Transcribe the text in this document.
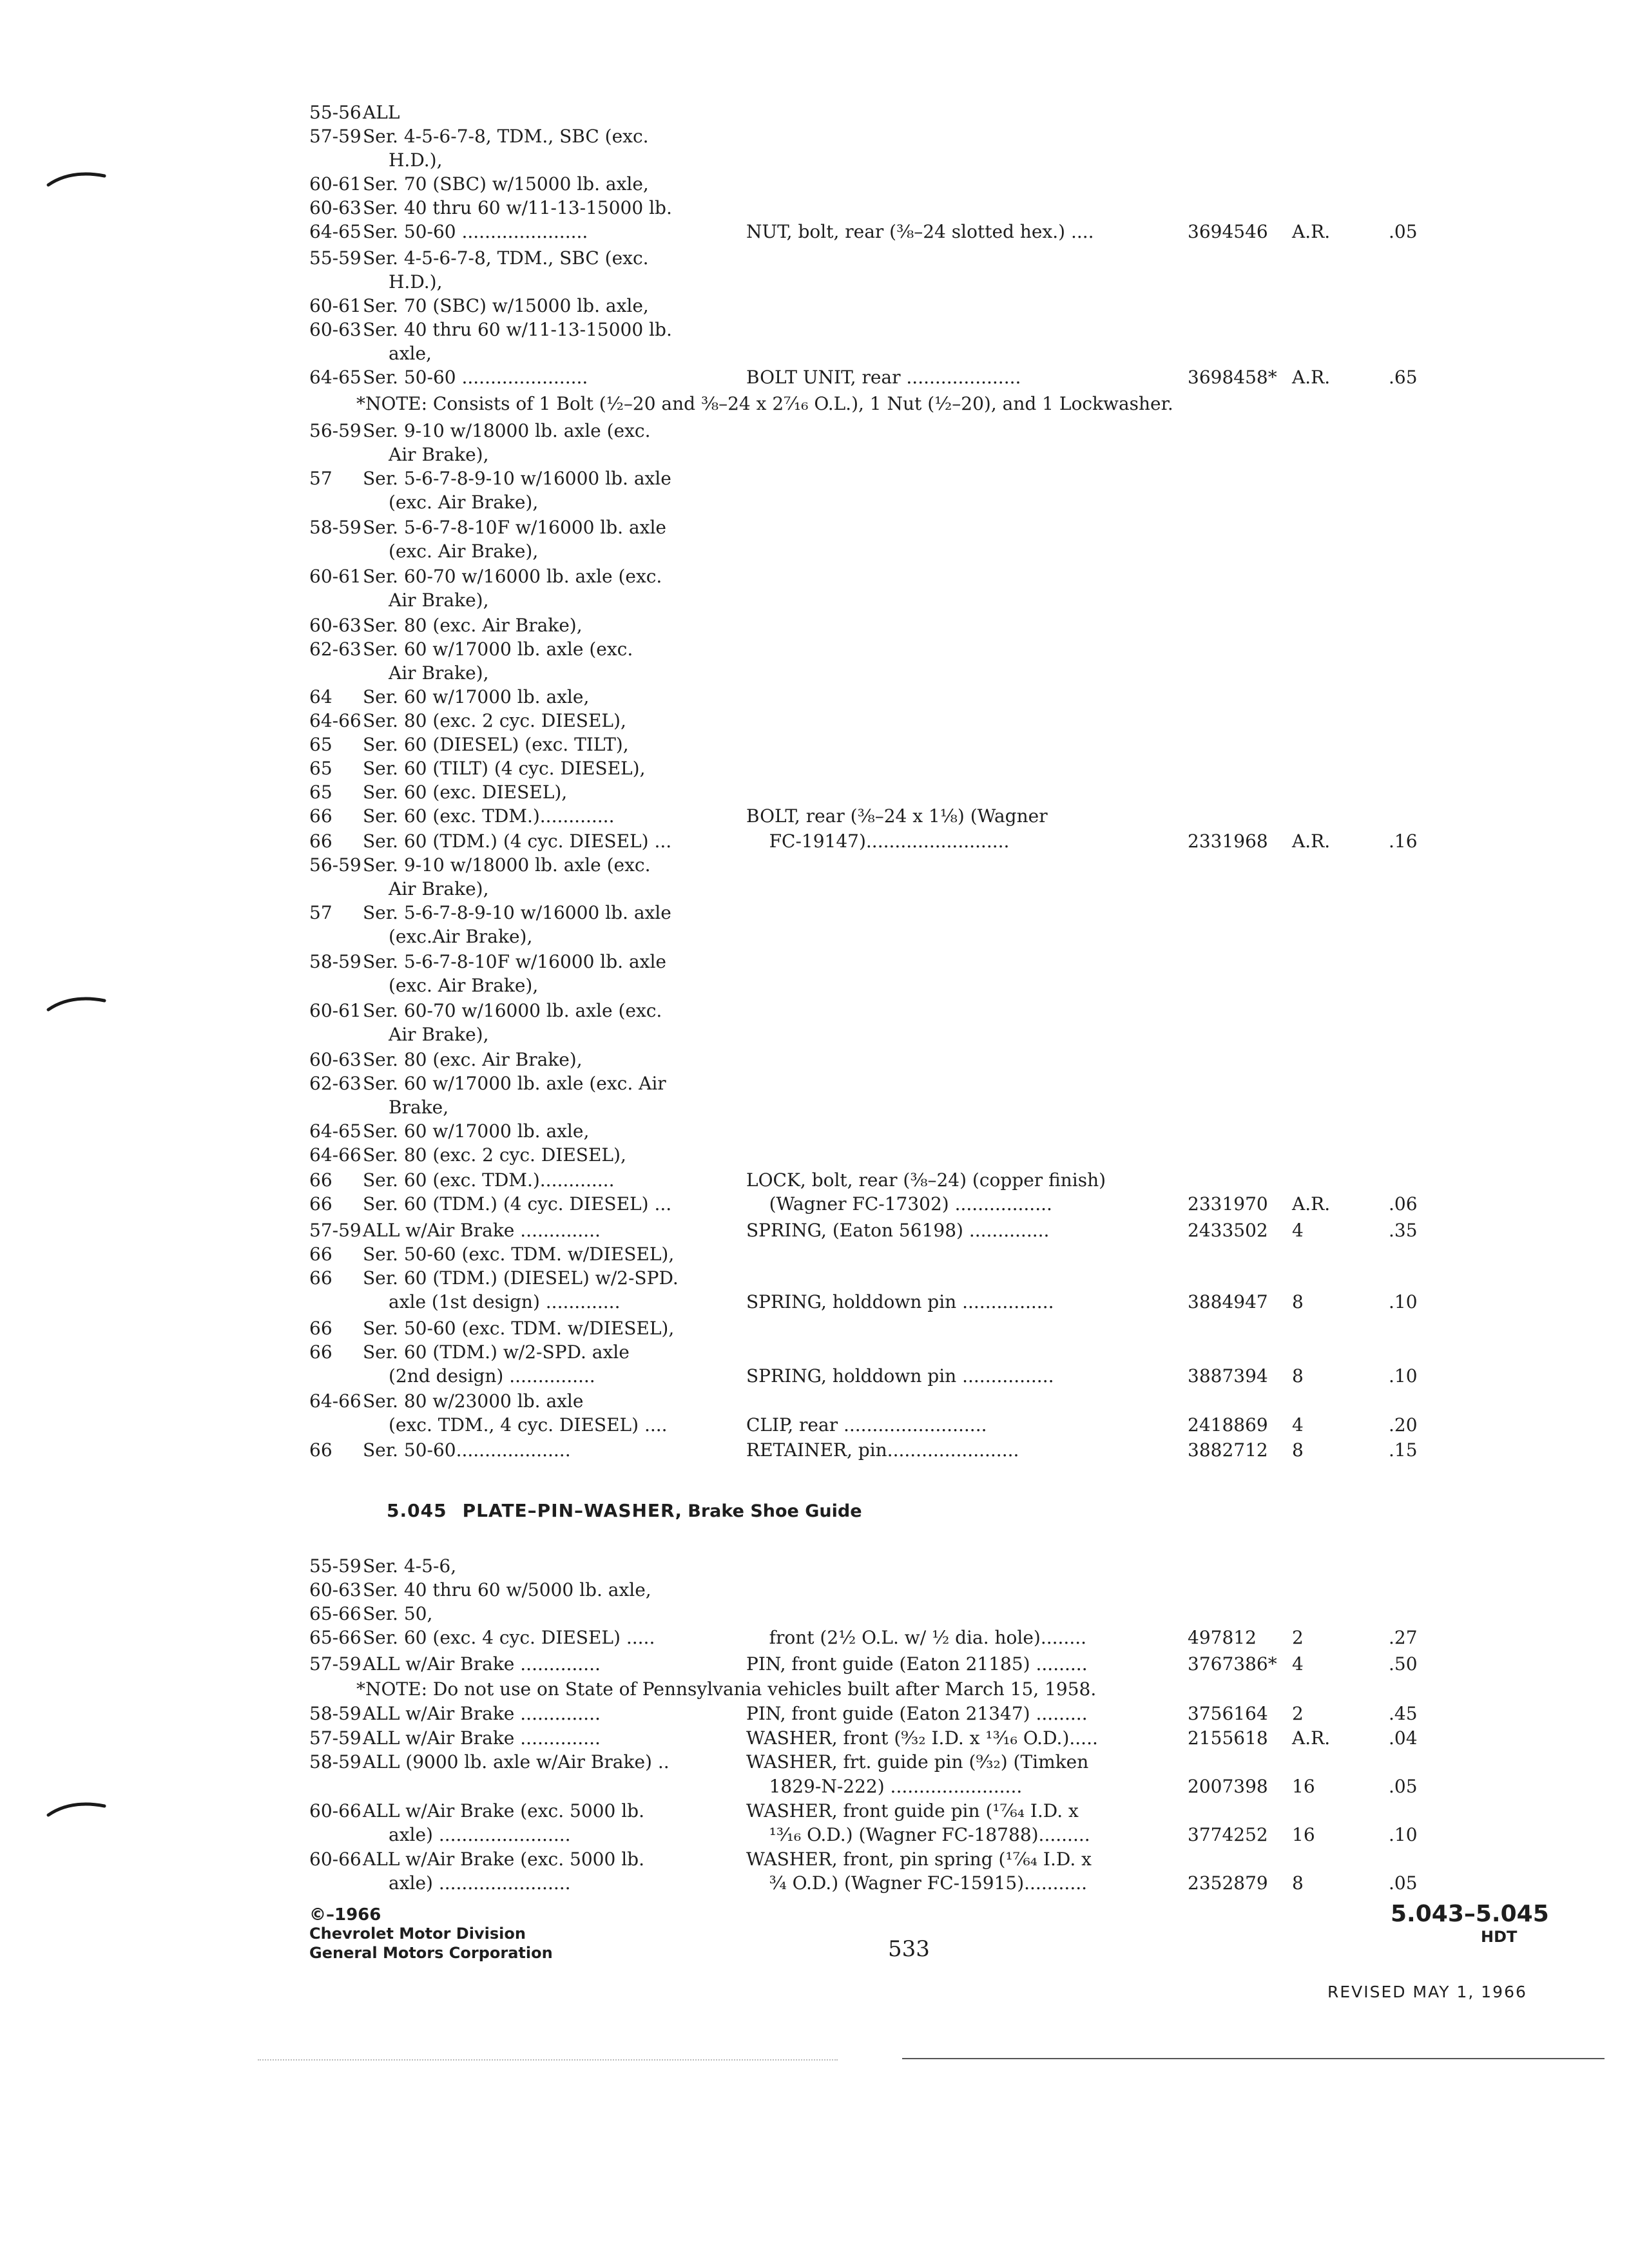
55-56 ALL
57-59 Ser. 4-5-6-7-8, TDM., SBC (exc.
H.D.),
60-61 Ser. 70 (SBC) w/15000 lb. axle,
60-63 Ser. 40 thru 60 w/11-13-15000 lb.
64-65 Ser. 50-60 ......................	NUT, bolt, rear (⅜–24 slotted hex.) ....	3694546 A.R.	.05
55-59 Ser. 4-5-6-7-8, TDM., SBC (exc.
H.D.),
60-61 Ser. 70 (SBC) w/15000 lb. axle,
60-63 Ser. 40 thru 60 w/11-13-15000 lb.
axle,
64-65 Ser. 50-60 ......................	BOLT UNIT, rear ....................	3698458* A.R.	.65
56-59 Ser. 9-10 w/18000 lb. axle (exc.
Air Brake),
57 Ser. 5-6-7-8-9-10 w/16000 lb. axle
(exc. Air Brake),
58-59 Ser. 5-6-7-8-10F w/16000 lb. axle
(exc. Air Brake),
60-61 Ser. 60-70 w/16000 lb. axle (exc.
Air Brake),
60-63 Ser. 80 (exc. Air Brake),
62-63 Ser. 60 w/17000 lb. axle (exc.
Air Brake),
64 Ser. 60 w/17000 lb. axle,
64-66 Ser. 80 (exc. 2 cyc. DIESEL),
65 Ser. 60 (DIESEL) (exc. TILT),
65 Ser. 60 (TILT) (4 cyc. DIESEL),
65 Ser. 60 (exc. DIESEL),
66 Ser. 60 (exc. TDM.).............	BOLT, rear (⅜–24 x 1⅛) (Wagner
66 Ser. 60 (TDM.) (4 cyc. DIESEL) ...	FC-19147).........................	2331968 A.R.	.16
56-59 Ser. 9-10 w/18000 lb. axle (exc.
Air Brake),
57 Ser. 5-6-7-8-9-10 w/16000 lb. axle
(exc.Air Brake),
58-59 Ser. 5-6-7-8-10F w/16000 lb. axle
(exc. Air Brake),
60-61 Ser. 60-70 w/16000 lb. axle (exc.
Air Brake),
60-63 Ser. 80 (exc. Air Brake),
62-63 Ser. 60 w/17000 lb. axle (exc. Air
Brake,
64-65 Ser. 60 w/17000 lb. axle,
64-66 Ser. 80 (exc. 2 cyc. DIESEL),
66 Ser. 60 (exc. TDM.).............	LOCK, bolt, rear (⅜–24) (copper finish)
66 Ser. 60 (TDM.) (4 cyc. DIESEL) ...	(Wagner FC-17302) .................	2331970 A.R.	.06
57-59 ALL w/Air Brake ..............	SPRING, (Eaton 56198) ..............	2433502 4	.35
66 Ser. 50-60 (exc. TDM. w/DIESEL),
66 Ser. 60 (TDM.) (DIESEL) w/2-SPD.
axle (1st design) .............	SPRING, holddown pin ................	3884947 8	.10
66 Ser. 50-60 (exc. TDM. w/DIESEL),
66 Ser. 60 (TDM.) w/2-SPD. axle
(2nd design) ...............	SPRING, holddown pin ................	3887394 8	.10
64-66 Ser. 80 w/23000 lb. axle
(exc. TDM., 4 cyc. DIESEL) ....	CLIP, rear .........................	2418869 4	.20
66 Ser. 50-60....................	RETAINER, pin.......................	3882712 8	.15
*NOTE: Consists of 1 Bolt (½–20 and ⅜–24 x 2⁷⁄₁₆ O.L.), 1 Nut (½–20), and 1 Lockwasher.
5.045 PLATE–PIN–WASHER, Brake Shoe Guide
55-59 Ser. 4-5-6,
60-63 Ser. 40 thru 60 w/5000 lb. axle,
65-66 Ser. 50,
65-66 Ser. 60 (exc. 4 cyc. DIESEL) .....	front (2½ O.L. w/ ½ dia. hole)........	497812 2	.27
57-59 ALL w/Air Brake ..............	PIN, front guide (Eaton 21185) .........	3767386* 4	.50
58-59 ALL w/Air Brake ..............	PIN, front guide (Eaton 21347) .........	3756164 2	.45
57-59 ALL w/Air Brake ..............	WASHER, front (⁹⁄₃₂ I.D. x ¹³⁄₁₆ O.D.).....	2155618 A.R.	.04
58-59 ALL (9000 lb. axle w/Air Brake) ..	WASHER, frt. guide pin (⁹⁄₃₂) (Timken
1829-N-222) .......................	2007398 16	.05
60-66 ALL w/Air Brake (exc. 5000 lb.	WASHER, front guide pin (¹⁷⁄₆₄ I.D. x
axle) .......................	¹³⁄₁₆ O.D.) (Wagner FC-18788).........	3774252 16	.10
60-66 ALL w/Air Brake (exc. 5000 lb.	WASHER, front, pin spring (¹⁷⁄₆₄ I.D. x
axle) .......................	¾ O.D.) (Wagner FC-15915)...........	2352879 8	.05
*NOTE: Do not use on State of Pennsylvania vehicles built after March 15, 1958.
©–1966
Chevrolet Motor Division
General Motors Corporation	533
5.043–5.045
HDT
REVISED MAY 1, 1966
